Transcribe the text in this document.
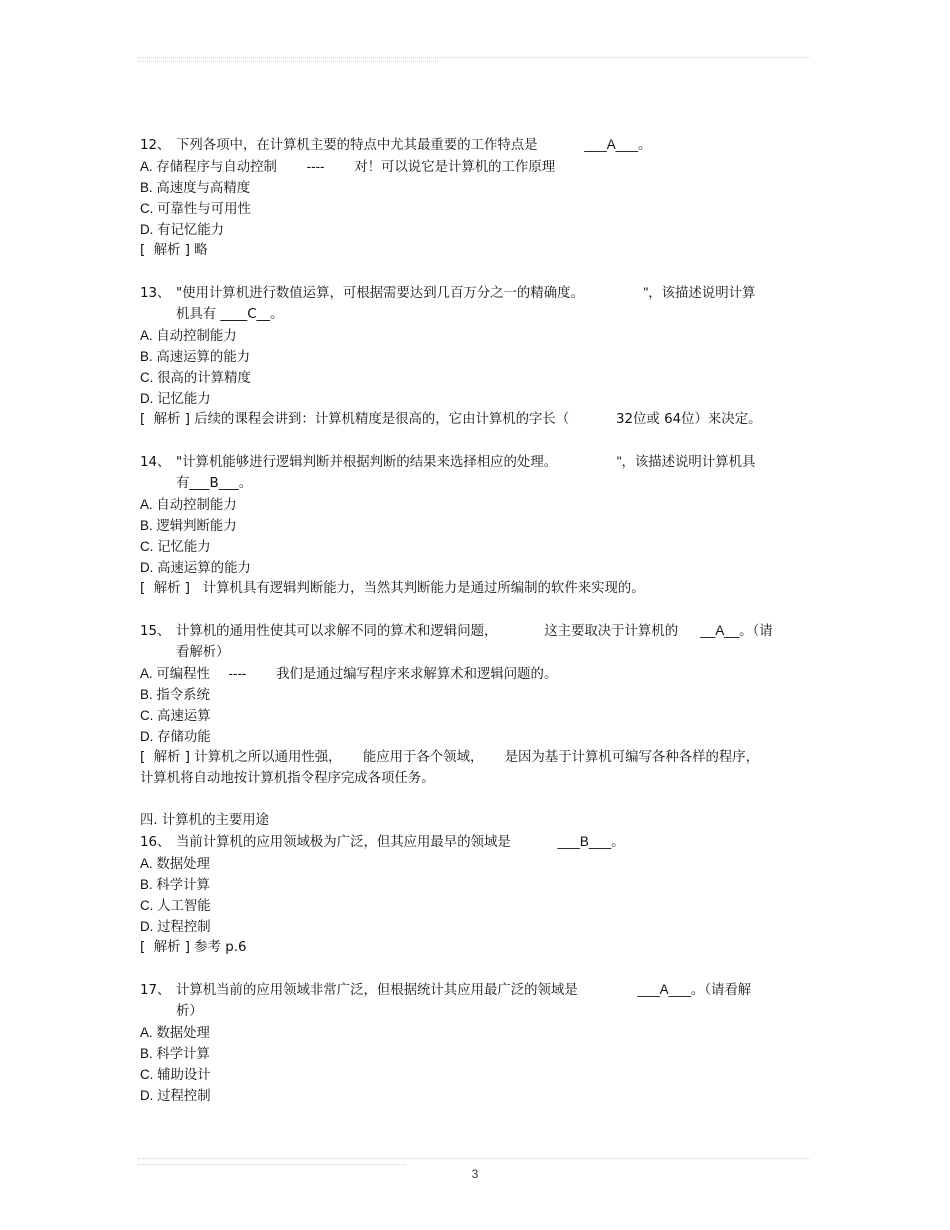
12、 下列各项中，在计算机主要的特点中尤其最重要的工作特点是	___A___。
A. 存储程序与自动控制        ----        对！可以说它是计算机的工作原理
B. 高速度与高精度
C. 可靠性与可用性
D. 有记忆能力
[  解析 ] 略
13、 "使用计算机进行数值运算，可根据需要达到几百万分之一的精确度。	"，该描述说明计算
机具有 ____C__。
A. 自动控制能力
B. 高速运算的能力
C. 很高的计算精度
D. 记忆能力
[  解析 ] 后续的课程会讲到：计算机精度是很高的，它由计算机的字长（           32位或 64位）来决定。
14、 "计算机能够进行逻辑判断并根据判断的结果来选择相应的处理。	"，该描述说明计算机具
有___B___。
A. 自动控制能力
B. 逻辑判断能力
C. 记忆能力
D. 高速运算的能力
[  解析 ]   计算机具有逻辑判断能力，当然其判断能力是通过所编制的软件来实现的。
15、 计算机的通用性使其可以求解不同的算术和逻辑问题，	这主要取决于计算机的      __A__。（请
看解析）
A. 可编程性     ----        我们是通过编写程序来求解算术和逻辑问题的。
B. 指令系统
C. 高速运算
D. 存储功能
[  解析 ] 计算机之所以通用性强，     能应用于各个领域，     是因为基于计算机可编写各种各样的程序，
计算机将自动地按计算机指令程序完成各项任务。
四. 计算机的主要用途
16、 当前计算机的应用领域极为广泛，但其应用最早的领域是	___B___。
A. 数据处理
B. 科学计算
C. 人工智能
D. 过程控制
[  解析 ] 参考 p.6
17、 计算机当前的应用领域非常广泛，但根据统计其应用最广泛的领域是	___A___。（请看解
析）
A. 数据处理
B. 科学计算
C. 辅助设计
D. 过程控制
3
